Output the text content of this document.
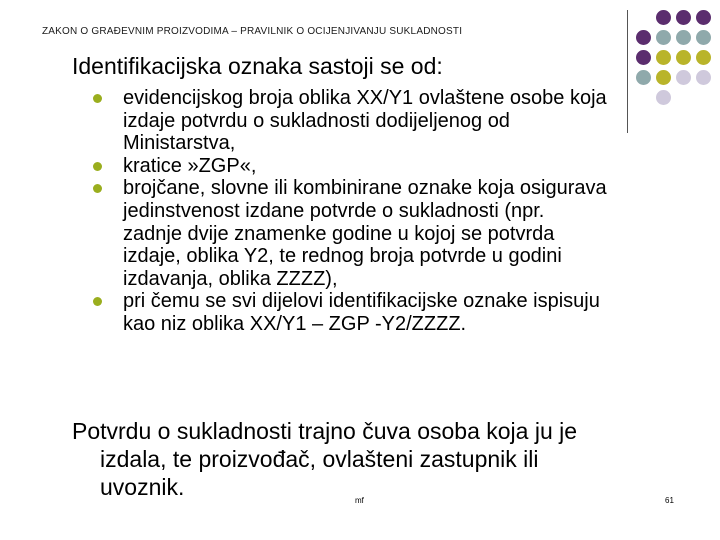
ZAKON O GRAĐEVNIM PROIZVODIMA – PRAVILNIK O OCIJENJIVANJU SUKLADNOSTI
Identifikacijska oznaka sastoji se od:
evidencijskog broja oblika XX/Y1 ovlaštene osobe koja
izdaje potvrdu o sukladnosti dodijeljenog od
Ministarstva,
kratice »ZGP«,
brojčane, slovne ili kombinirane oznake koja osigurava
jedinstvenost izdane potvrde o sukladnosti (npr.
zadnje dvije znamenke godine u kojoj se potvrda
izdaje, oblika Y2, te rednog broja potvrde u godini
izdavanja, oblika ZZZZ),
pri čemu se svi dijelovi identifikacijske oznake ispisuju
kao niz oblika XX/Y1 – ZGP -Y2/ZZZZ.
Potvrdu o sukladnosti trajno čuva osoba koja ju je
izdala, te proizvođač, ovlašteni zastupnik ili
uvoznik.
mf	61
